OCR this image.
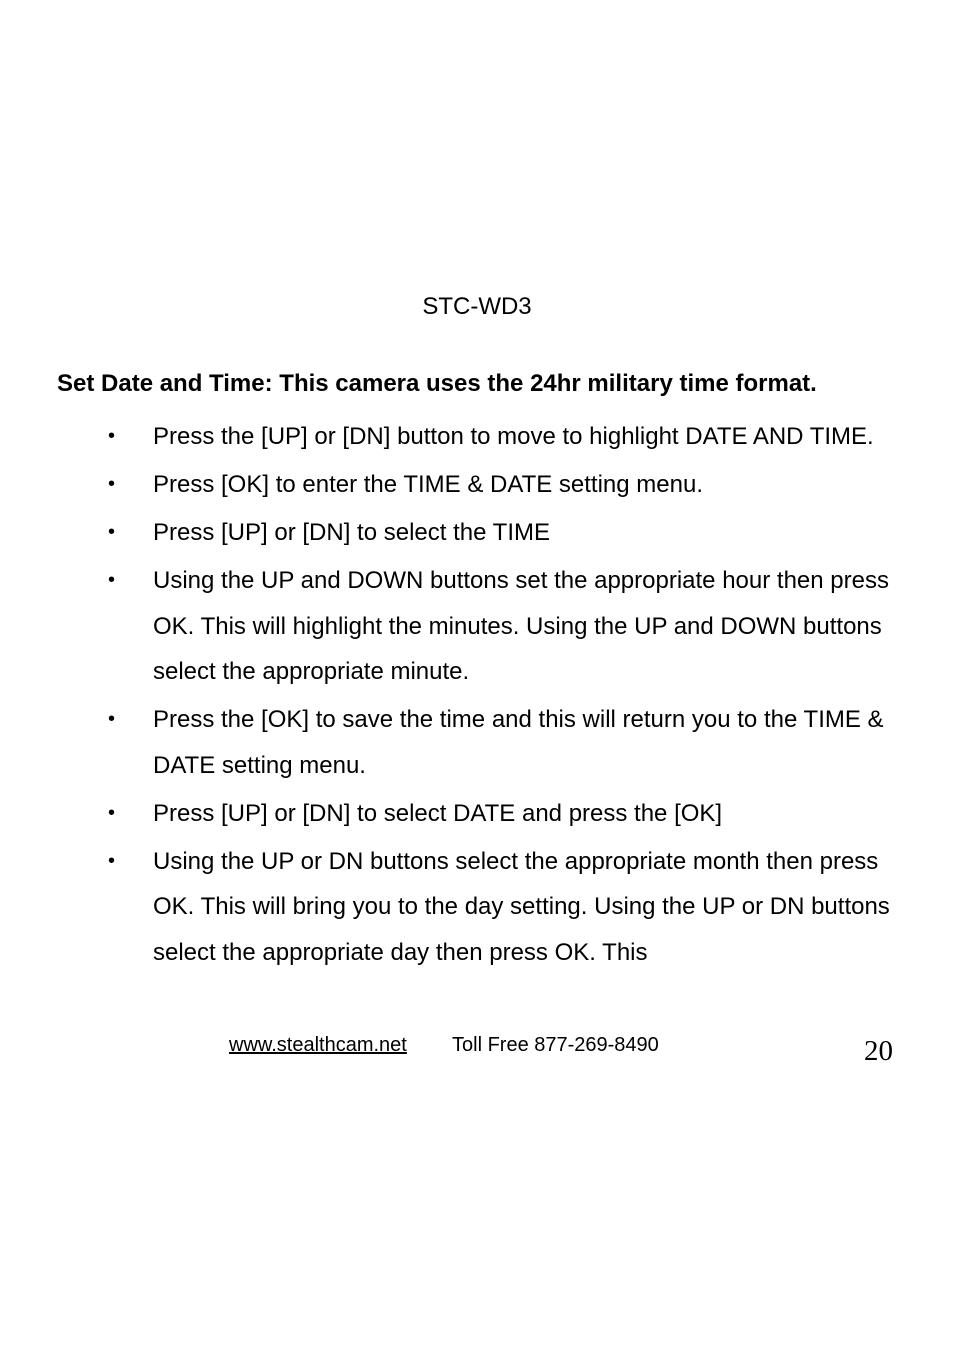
STC-WD3
Set Date and Time: This camera uses the 24hr military time format.
• Press the [UP] or [DN] button to move to highlight DATE AND TIME.
• Press [OK] to enter the TIME & DATE setting menu.
• Press [UP] or [DN] to select the TIME
• Using the UP and DOWN buttons set the appropriate hour then press OK. This will highlight the minutes. Using the UP and DOWN buttons select the appropriate minute.
• Press the [OK] to save the time and this will return you to the TIME & DATE setting menu.
• Press [UP] or [DN] to select DATE and press the [OK]
• Using the UP or DN buttons select the appropriate month then press OK. This will bring you to the day setting. Using the UP or DN buttons select the appropriate day then press OK. This
www.stealthcam.net Toll Free 877-269-8490	20
